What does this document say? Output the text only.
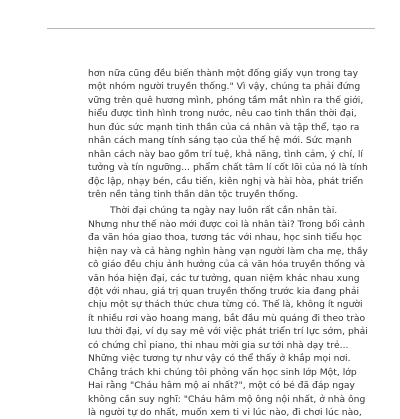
hơn nữa cũng đều biến thành một đống giấy vụn trong tay
một nhóm người truyền thống." Vì vậy, chúng ta phải đứng
vững trên quê hương mình, phóng tầm mắt nhìn ra thế giới,
hiểu được tình hình trong nước, nêu cao tinh thần thời đại,
hun đúc sức mạnh tinh thần của cá nhân và tập thể, tạo ra
nhân cách mang tính sáng tạo của thế hệ mới. Sức mạnh
nhân cách này bao gồm trí tuệ, khả năng, tình cảm, ý chí, lí
tưởng và tín ngưỡng... phẩm chất tâm lí cốt lõi của nó là tính
độc lập, nhạy bén, cầu tiến, kiên nghị và hài hòa, phát triển
trên nền tảng tinh thần dân tộc truyền thống.
Thời đại chúng ta ngày nay luôn rất cần nhân tài.
Nhưng như thế nào mới được coi là nhân tài? Trong bối cảnh
đa văn hóa giao thoa, tương tác với nhau, học sinh tiểu học
hiện nay và cả hàng nghìn hàng vạn người làm cha mẹ, thầy
cô giáo đều chịu ảnh hưởng của cả văn hóa truyền thống và
văn hóa hiện đại, các tư tưởng, quan niệm khác nhau xung
đột với nhau, giá trị quan truyền thống trước kia đang phải
chịu một sự thách thức chưa từng có. Thế là, không ít người
ít nhiều rơi vào hoang mang, bắt đầu mù quáng đi theo trào
lưu thời đại, ví dụ say mê với việc phát triển trí lực sớm, phải
có chứng chỉ piano, thi nhau mời gia sư tới nhà dạy trẻ...
Những việc tương tự như vậy có thể thấy ở khắp mọi nơi.
Chẳng trách khi chúng tôi phỏng vấn học sinh lớp Một, lớp
Hai rằng "Cháu hâm mộ ai nhất?", một có bé đã đáp ngay
không cần suy nghĩ: "Cháu hâm mộ ông nội nhất, ở nhà ông
là người tự do nhất, muốn xem ti vi lúc nào, đi chơi lúc nào,
